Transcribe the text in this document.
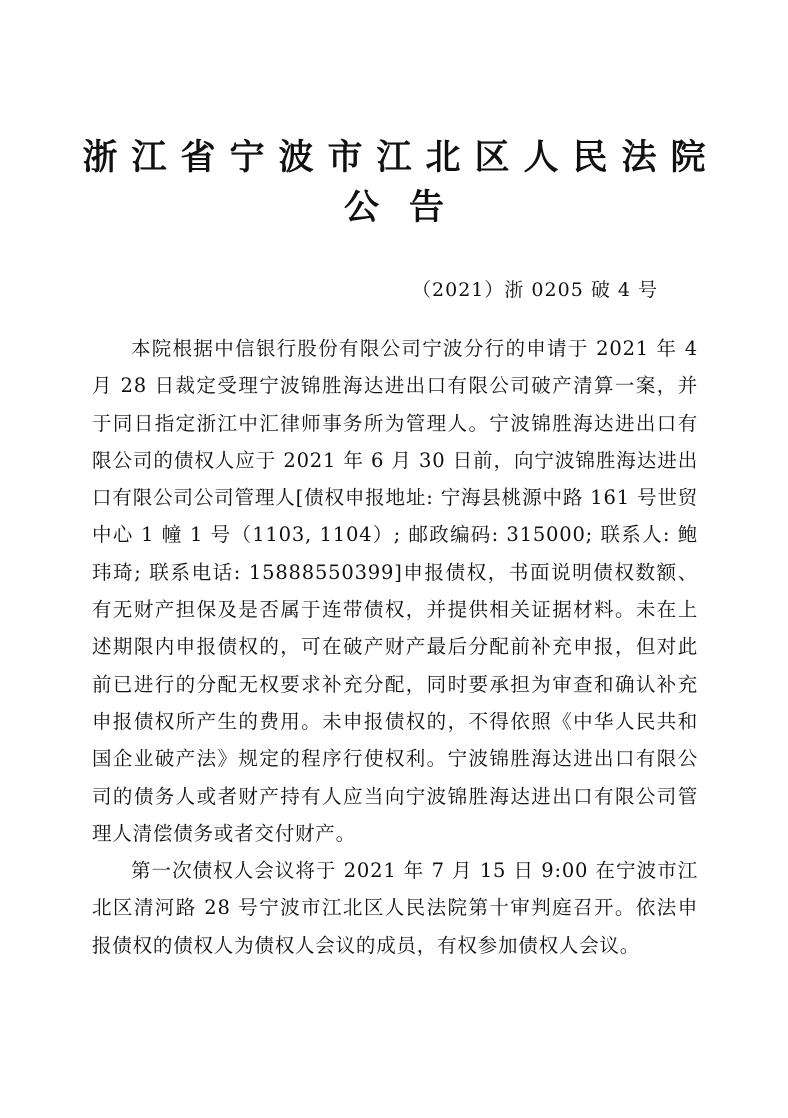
浙江省宁波市江北区人民法院
公告
（2021）浙 0205 破 4 号

本院根据中信银行股份有限公司宁波分行的申请于 2021 年 4 月 28 日裁定受理宁波锦胜海达进出口有限公司破产清算一案，并于同日指定浙江中汇律师事务所为管理人。宁波锦胜海达进出口有限公司的债权人应于 2021 年 6 月 30 日前，向宁波锦胜海达进出口有限公司公司管理人[债权申报地址: 宁海县桃源中路 161 号世贸中心 1 幢 1 号（1103, 1104）; 邮政编码: 315000; 联系人: 鲍玮琦; 联系电话: 15888550399]申报债权，书面说明债权数额、有无财产担保及是否属于连带债权，并提供相关证据材料。未在上述期限内申报债权的，可在破产财产最后分配前补充申报，但对此前已进行的分配无权要求补充分配，同时要承担为审查和确认补充申报债权所产生的费用。未申报债权的，不得依照《中华人民共和国企业破产法》规定的程序行使权利。宁波锦胜海达进出口有限公司的债务人或者财产持有人应当向宁波锦胜海达进出口有限公司管理人清偿债务或者交付财产。

第一次债权人会议将于 2021 年 7 月 15 日 9:00 在宁波市江北区清河路 28 号宁波市江北区人民法院第十审判庭召开。依法申报债权的债权人为债权人会议的成员，有权参加债权人会议。
